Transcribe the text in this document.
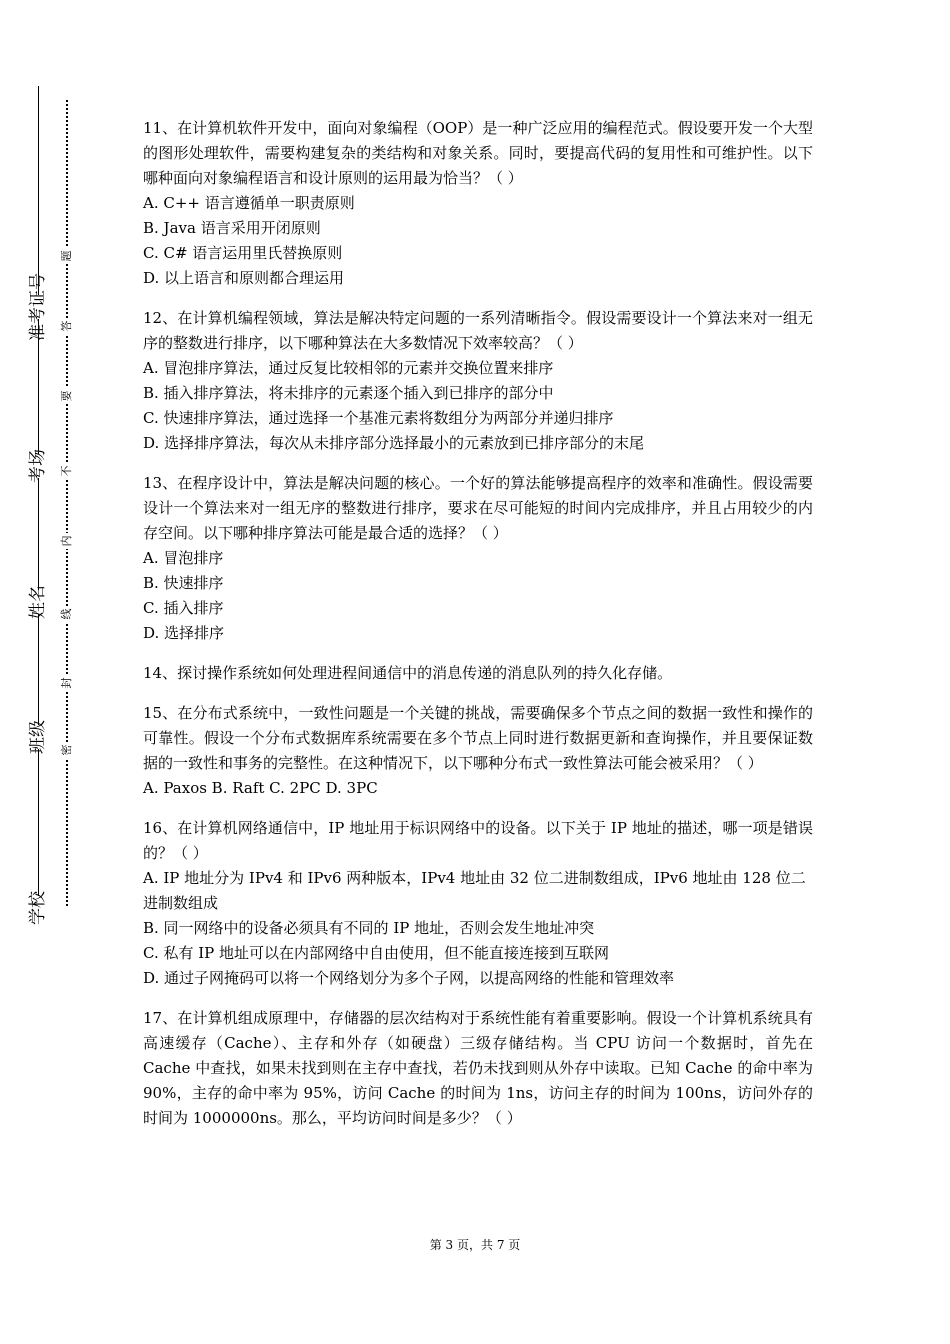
学校
班级
姓名
考场
准考证号
密
封
线
内
不
要
答
题

11、在计算机软件开发中，面向对象编程（OOP）是一种广泛应用的编程范式。假设要开发一个大型的图形处理软件，需要构建复杂的类结构和对象关系。同时，要提高代码的复用性和可维护性。以下哪种面向对象编程语言和设计原则的运用最为恰当？（ ）

A. C++ 语言遵循单一职责原则

B. Java 语言采用开闭原则

C. C# 语言运用里氏替换原则

D. 以上语言和原则都合理运用

12、在计算机编程领域，算法是解决特定问题的一系列清晰指令。假设需要设计一个算法来对一组无序的整数进行排序，以下哪种算法在大多数情况下效率较高？（ ）

A. 冒泡排序算法，通过反复比较相邻的元素并交换位置来排序

B. 插入排序算法，将未排序的元素逐个插入到已排序的部分中

C. 快速排序算法，通过选择一个基准元素将数组分为两部分并递归排序

D. 选择排序算法，每次从未排序部分选择最小的元素放到已排序部分的末尾

13、在程序设计中，算法是解决问题的核心。一个好的算法能够提高程序的效率和准确性。假设需要设计一个算法来对一组无序的整数进行排序，要求在尽可能短的时间内完成排序，并且占用较少的内存空间。以下哪种排序算法可能是最合适的选择？（ ）

A. 冒泡排序

B. 快速排序

C. 插入排序

D. 选择排序

14、探讨操作系统如何处理进程间通信中的消息传递的消息队列的持久化存储。

15、在分布式系统中，一致性问题是一个关键的挑战，需要确保多个节点之间的数据一致性和操作的可靠性。假设一个分布式数据库系统需要在多个节点上同时进行数据更新和查询操作，并且要保证数据的一致性和事务的完整性。在这种情况下，以下哪种分布式一致性算法可能会被采用？（ ）

A. Paxos B. Raft C. 2PC D. 3PC

16、在计算机网络通信中，IP 地址用于标识网络中的设备。以下关于 IP 地址的描述，哪一项是错误的？（ ）

A. IP 地址分为 IPv4 和 IPv6 两种版本，IPv4 地址由 32 位二进制数组成，IPv6 地址由 128 位二进制数组成

B. 同一网络中的设备必须具有不同的 IP 地址，否则会发生地址冲突

C. 私有 IP 地址可以在内部网络中自由使用，但不能直接连接到互联网

D. 通过子网掩码可以将一个网络划分为多个子网，以提高网络的性能和管理效率

17、在计算机组成原理中，存储器的层次结构对于系统性能有着重要影响。假设一个计算机系统具有高速缓存（Cache）、主存和外存（如硬盘）三级存储结构。当 CPU 访问一个数据时，首先在 Cache 中查找，如果未找到则在主存中查找，若仍未找到则从外存中读取。已知 Cache 的命中率为 90%，主存的命中率为 95%，访问 Cache 的时间为 1ns，访问主存的时间为 100ns，访问外存的时间为 1000000ns。那么，平均访问时间是多少？（ ）

第 3 页，共 7 页
